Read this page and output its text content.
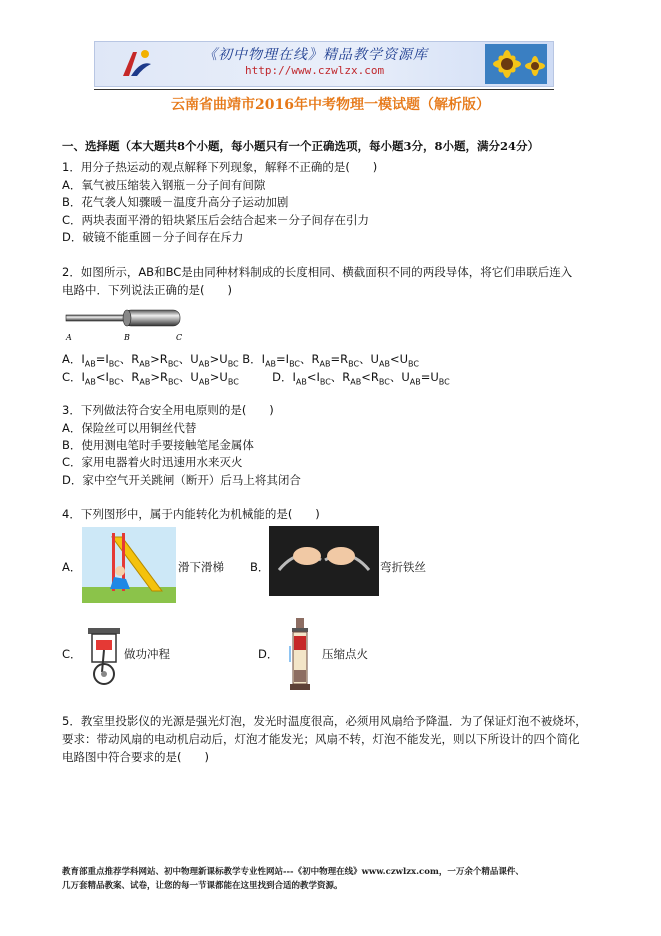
《初中物理在线》精品教学资源库
http://www.czwlzx.com
云南省曲靖市2016年中考物理一模试题（解析版）
一、选择题（本大题共8个小题，每小题只有一个正确选项，每小题3分，8小题，满分24分）
1．用分子热运动的观点解释下列现象，解释不正确的是(　　)
A．氧气被压缩装入钢瓶－分子间有间隙
B．花气袭人知骤暖－温度升高分子运动加剧
C．两块表面平滑的铅块紧压后会结合起来－分子间存在引力
D．破镜不能重圆－分子间存在斥力
2．如图所示，AB和BC是由同种材料制成的长度相同、横截面积不同的两段导体，将它们串联后连入
电路中．下列说法正确的是(　　)
A	B	C
A．$I_{AB}=I_{BC}$、$R_{AB}>R_{BC}$、$U_{AB}>U_{BC}$ B．$I_{AB}=I_{BC}$、$R_{AB}=R_{BC}$、$U_{AB}<U_{BC}$
C．$I_{AB}<I_{BC}$、$R_{AB}>R_{BC}$、$U_{AB}>U_{BC}$	D．$I_{AB}<I_{BC}$、$R_{AB}<R_{BC}$、$U_{AB}=U_{BC}$
3．下列做法符合安全用电原则的是(　　)
A．保险丝可以用铜丝代替
B．使用测电笔时手要接触笔尾金属体
C．家用电器着火时迅速用水来灭火
D．家中空气开关跳闸（断开）后马上将其闭合
4．下列图形中，属于内能转化为机械能的是(　　)
A．	滑下滑梯 B．	弯折铁丝
C．	做功冲程	D．	压缩点火
5．教室里投影仪的光源是强光灯泡，发光时温度很高，必须用风扇给予降温．为了保证灯泡不被烧坏，
要求：带动风扇的电动机启动后，灯泡才能发光；风扇不转，灯泡不能发光，则以下所设计的四个简化
电路图中符合要求的是(　　)
教育部重点推荐学科网站、初中物理新课标教学专业性网站---《初中物理在线》www.czwlzx.com，一万余个精品课件、
几万套精品教案、试卷，让您的每一节课都能在这里找到合适的教学资源。
